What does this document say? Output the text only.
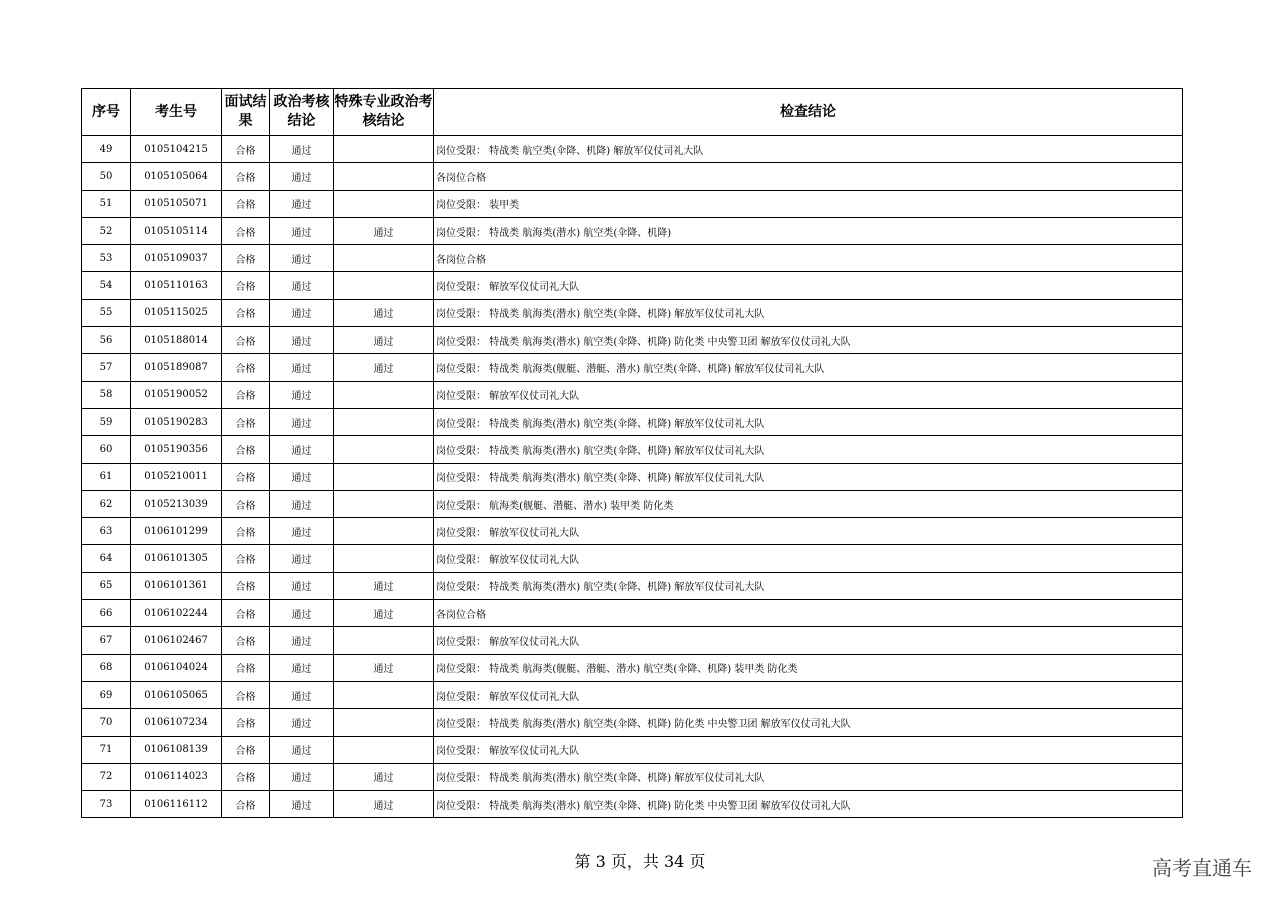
序号	考生号	面试结果	政治考核结论	特殊专业政治考核结论	检查结论
49	0105104215	合格	通过		岗位受限： 特战类 航空类(伞降、机降) 解放军仪仗司礼大队
50	0105105064	合格	通过		各岗位合格
51	0105105071	合格	通过		岗位受限： 装甲类
52	0105105114	合格	通过	通过	岗位受限： 特战类 航海类(潜水) 航空类(伞降、机降)
53	0105109037	合格	通过		各岗位合格
54	0105110163	合格	通过		岗位受限： 解放军仪仗司礼大队
55	0105115025	合格	通过	通过	岗位受限： 特战类 航海类(潜水) 航空类(伞降、机降) 解放军仪仗司礼大队
56	0105188014	合格	通过	通过	岗位受限： 特战类 航海类(潜水) 航空类(伞降、机降) 防化类 中央警卫团 解放军仪仗司礼大队
57	0105189087	合格	通过	通过	岗位受限： 特战类 航海类(舰艇、潜艇、潜水) 航空类(伞降、机降) 解放军仪仗司礼大队
58	0105190052	合格	通过		岗位受限： 解放军仪仗司礼大队
59	0105190283	合格	通过		岗位受限： 特战类 航海类(潜水) 航空类(伞降、机降) 解放军仪仗司礼大队
60	0105190356	合格	通过		岗位受限： 特战类 航海类(潜水) 航空类(伞降、机降) 解放军仪仗司礼大队
61	0105210011	合格	通过		岗位受限： 特战类 航海类(潜水) 航空类(伞降、机降) 解放军仪仗司礼大队
62	0105213039	合格	通过		岗位受限： 航海类(舰艇、潜艇、潜水) 装甲类 防化类
63	0106101299	合格	通过		岗位受限： 解放军仪仗司礼大队
64	0106101305	合格	通过		岗位受限： 解放军仪仗司礼大队
65	0106101361	合格	通过	通过	岗位受限： 特战类 航海类(潜水) 航空类(伞降、机降) 解放军仪仗司礼大队
66	0106102244	合格	通过	通过	各岗位合格
67	0106102467	合格	通过		岗位受限： 解放军仪仗司礼大队
68	0106104024	合格	通过	通过	岗位受限： 特战类 航海类(舰艇、潜艇、潜水) 航空类(伞降、机降) 装甲类 防化类
69	0106105065	合格	通过		岗位受限： 解放军仪仗司礼大队
70	0106107234	合格	通过		岗位受限： 特战类 航海类(潜水) 航空类(伞降、机降) 防化类 中央警卫团 解放军仪仗司礼大队
71	0106108139	合格	通过		岗位受限： 解放军仪仗司礼大队
72	0106114023	合格	通过	通过	岗位受限： 特战类 航海类(潜水) 航空类(伞降、机降) 解放军仪仗司礼大队
73	0106116112	合格	通过	通过	岗位受限： 特战类 航海类(潜水) 航空类(伞降、机降) 防化类 中央警卫团 解放军仪仗司礼大队
第 3 页，共 34 页	高考直通车
